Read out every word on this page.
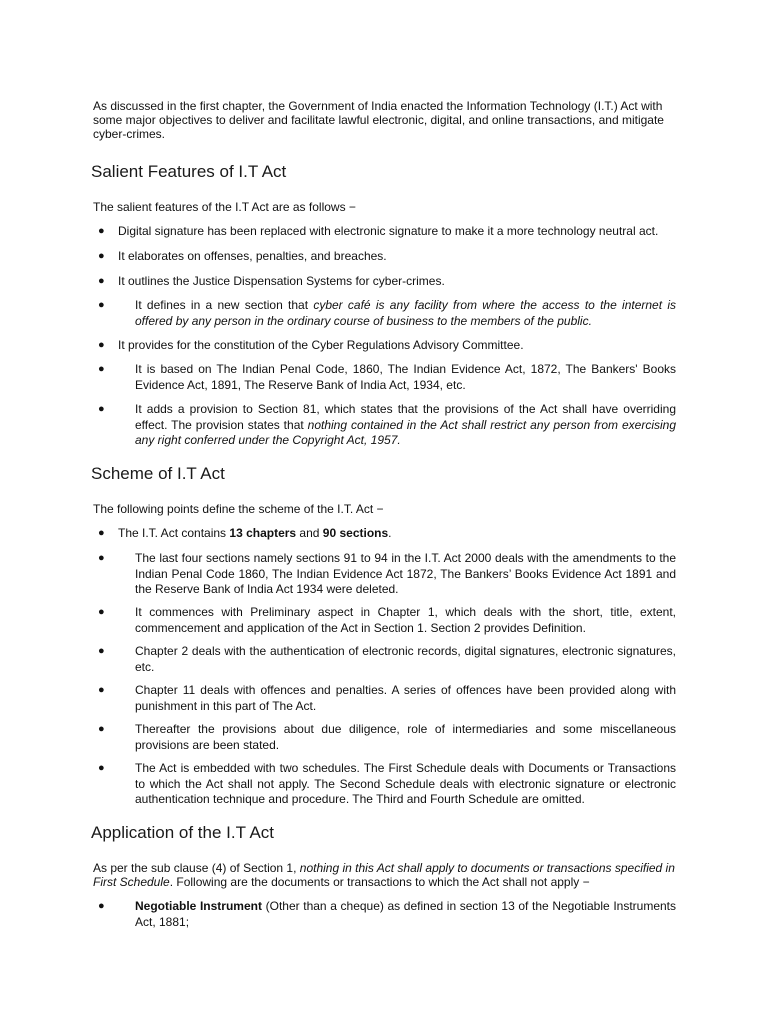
As discussed in the first chapter, the Government of India enacted the Information Technology (I.T.) Act with some major objectives to deliver and facilitate lawful electronic, digital, and online transactions, and mitigate cyber-crimes.

Salient Features of I.T Act

The salient features of the I.T Act are as follows −

● Digital signature has been replaced with electronic signature to make it a more technology neutral act.
● It elaborates on offenses, penalties, and breaches.
● It outlines the Justice Dispensation Systems for cyber-crimes.
●	It defines in a new section that cyber café is any facility from where the access to the internet is offered by any person in the ordinary course of business to the members of the public.
● It provides for the constitution of the Cyber Regulations Advisory Committee.
●	It is based on The Indian Penal Code, 1860, The Indian Evidence Act, 1872, The Bankers' Books Evidence Act, 1891, The Reserve Bank of India Act, 1934, etc.
●	It adds a provision to Section 81, which states that the provisions of the Act shall have overriding effect. The provision states that nothing contained in the Act shall restrict any person from exercising any right conferred under the Copyright Act, 1957.
Scheme of I.T Act

The following points define the scheme of the I.T. Act −

● The I.T. Act contains 13 chapters and 90 sections.
●	The last four sections namely sections 91 to 94 in the I.T. Act 2000 deals with the amendments to the Indian Penal Code 1860, The Indian Evidence Act 1872, The Bankers’ Books Evidence Act 1891 and the Reserve Bank of India Act 1934 were deleted.
●	It commences with Preliminary aspect in Chapter 1, which deals with the short, title, extent, commencement and application of the Act in Section 1. Section 2 provides Definition.
●	Chapter 2 deals with the authentication of electronic records, digital signatures, electronic signatures, etc.
●	Chapter 11 deals with offences and penalties. A series of offences have been provided along with punishment in this part of The Act.
●	Thereafter the provisions about due diligence, role of intermediaries and some miscellaneous provisions are been stated.
●	The Act is embedded with two schedules. The First Schedule deals with Documents or Transactions to which the Act shall not apply. The Second Schedule deals with electronic signature or electronic authentication technique and procedure. The Third and Fourth Schedule are omitted.
Application of the I.T Act

As per the sub clause (4) of Section 1, nothing in this Act shall apply to documents or transactions specified in First Schedule. Following are the documents or transactions to which the Act shall not apply −

●	Negotiable Instrument (Other than a cheque) as defined in section 13 of the Negotiable Instruments Act, 1881;
